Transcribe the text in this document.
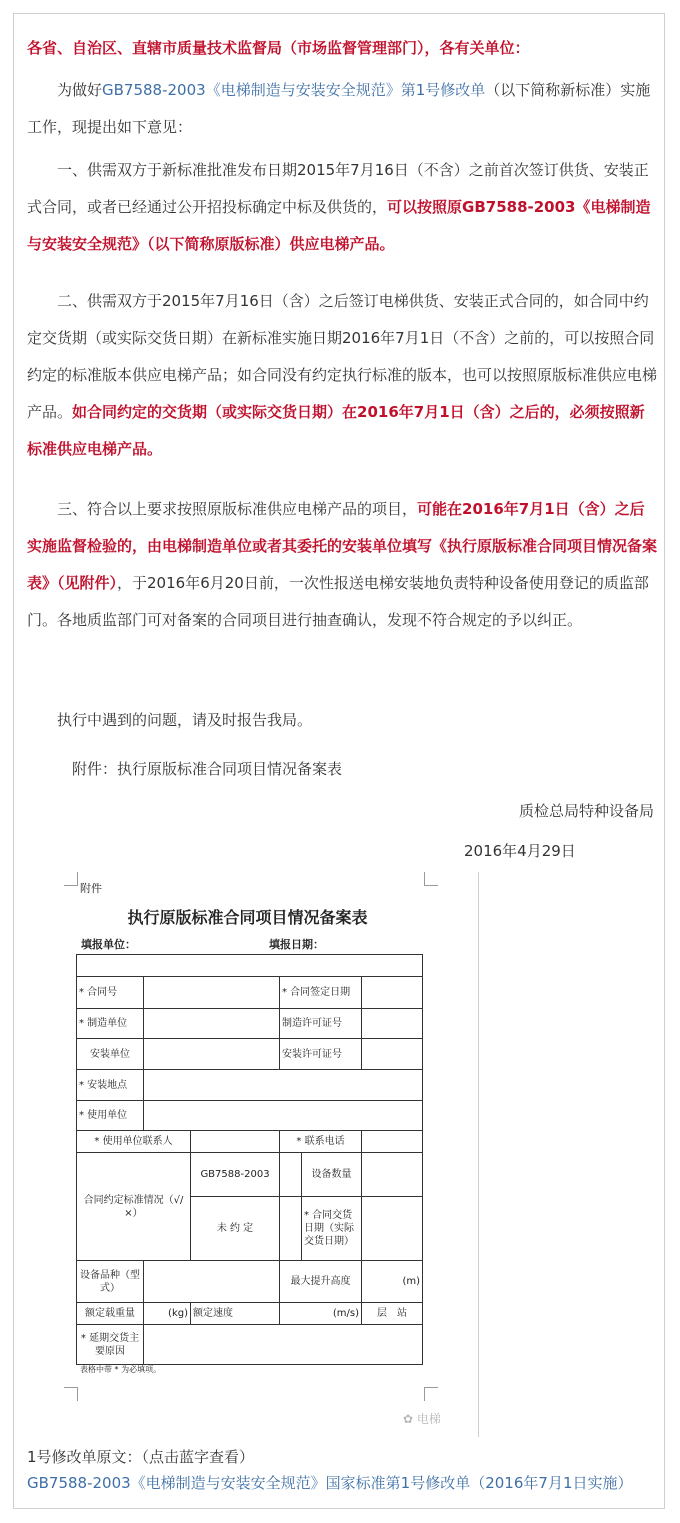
各省、自治区、直辖市质量技术监督局（市场监督管理部门），各有关单位：

为做好GB7588-2003《电梯制造与安装安全规范》第1号修改单（以下简称新标准）实施工作，现提出如下意见：

一、供需双方于新标准批准发布日期2015年7月16日（不含）之前首次签订供货、安装正式合同，或者已经通过公开招投标确定中标及供货的，可以按照原GB7588-2003《电梯制造与安装安全规范》（以下简称原版标准）供应电梯产品。

二、供需双方于2015年7月16日（含）之后签订电梯供货、安装正式合同的，如合同中约定交货期（或实际交货日期）在新标准实施日期2016年7月1日（不含）之前的，可以按照合同约定的标准版本供应电梯产品；如合同没有约定执行标准的版本，也可以按照原版标准供应电梯产品。如合同约定的交货期（或实际交货日期）在2016年7月1日（含）之后的，必须按照新标准供应电梯产品。

三、符合以上要求按照原版标准供应电梯产品的项目，可能在2016年7月1日（含）之后实施监督检验的，由电梯制造单位或者其委托的安装单位填写《执行原版标准合同项目情况备案表》（见附件），于2016年6月20日前，一次性报送电梯安装地负责特种设备使用登记的质监部门。各地质监部门可对备案的合同项目进行抽查确认，发现不符合规定的予以纠正。

执行中遇到的问题，请及时报告我局。

附件：执行原版标准合同项目情况备案表

质检总局特种设备局

2016年4月29日

附件
执行原版标准合同项目情况备案表
填报单位：	填报日期：

* 合同号			* 合同签定日期		
* 制造单位			制造许可证号		
安装单位			安装许可证号		
* 安装地点					
* 使用单位					
* 使用单位联系人			* 联系电话		
合同约定标准情况（√/×）		GB7588-2003		设备数量	
		未 约 定		* 合同交货日期（实际交货日期）	
设备品种（型式）			最大提升高度		(m)
额定载重量	(kg)	额定速度	(m/s)		层　站
* 延期交货主要原因					
表格中带 * 为必填项。
✿ 电梯

1号修改单原文：（点击蓝字查看）

GB7588-2003《电梯制造与安装安全规范》国家标准第1号修改单（2016年7月1日实施）
